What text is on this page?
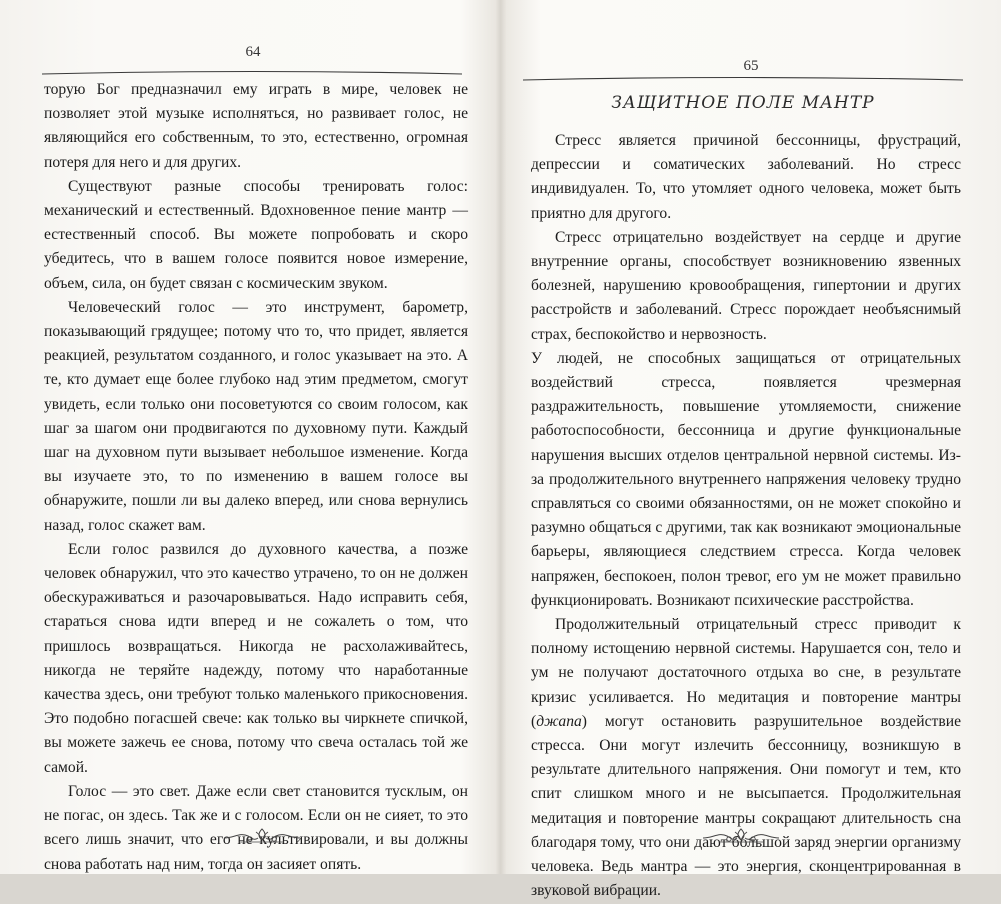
64

торую Бог предназначил ему играть в мире, человек не позволяет этой музыке исполняться, но развивает голос, не являющийся его собственным, то это, естественно, огромная потеря для него и для других.

Существуют разные способы тренировать голос: механический и естественный. Вдохновенное пение мантр — естественный способ. Вы можете попробовать и скоро убедитесь, что в вашем голосе появится новое измерение, объем, сила, он будет связан с космическим звуком.

Человеческий голос — это инструмент, барометр, показывающий грядущее; потому что то, что придет, является реакцией, результатом созданного, и голос указывает на это. А те, кто думает еще более глубоко над этим предметом, смогут увидеть, если только они посоветуются со своим голосом, как шаг за шагом они продвигаются по духовному пути. Каждый шаг на духовном пути вызывает небольшое изменение. Когда вы изучаете это, то по изменению в вашем голосе вы обнаружите, пошли ли вы далеко вперед, или снова вернулись назад, голос скажет вам.

Если голос развился до духовного качества, а позже человек обнаружил, что это качество утрачено, то он не должен обескураживаться и разочаровываться. Надо исправить себя, стараться снова идти вперед и не сожалеть о том, что пришлось возвращаться. Никогда не расхолаживайтесь, никогда не теряйте надежду, потому что наработанные качества здесь, они требуют только маленького прикосновения. Это подобно погасшей свече: как только вы чиркнете спичкой, вы можете зажечь ее снова, потому что свеча осталась той же самой.

Голос — это свет. Даже если свет становится тусклым, он не погас, он здесь. Так же и с голосом. Если он не сияет, то это всего лишь значит, что его не культивировали, и вы должны снова работать над ним, тогда он засияет опять.

65
ЗАЩИТНОЕ ПОЛЕ МАНТР

Стресс является причиной бессонницы, фрустраций, депрессии и соматических заболеваний. Но стресс индивидуален. То, что утомляет одного человека, может быть приятно для другого.

Стресс отрицательно воздействует на сердце и другие внутренние органы, способствует возникновению язвенных болезней, нарушению кровообращения, гипертонии и других расстройств и заболеваний. Стресс порождает необъяснимый страх, беспокойство и нервозность.

У людей, не способных защищаться от отрицательных воздействий стресса, появляется чрезмерная раздражительность, повышение утомляемости, снижение работоспособности, бессонница и другие функциональные нарушения высших отделов центральной нервной системы. Из-за продолжительного внутреннего напряжения человеку трудно справляться со своими обязанностями, он не может спокойно и разумно общаться с другими, так как возникают эмоциональные барьеры, являющиеся следствием стресса. Когда человек напряжен, беспокоен, полон тревог, его ум не может правильно функционировать. Возникают психические расстройства.

Продолжительный отрицательный стресс приводит к полному истощению нервной системы. Нарушается сон, тело и ум не получают достаточного отдыха во сне, в результате кризис усиливается. Но медитация и повторение мантры (джапа) могут остановить разрушительное воздействие стресса. Они могут излечить бессонницу, возникшую в результате длительного напряжения. Они помогут и тем, кто спит слишком много и не высыпается. Продолжительная медитация и повторение мантры сокращают длительность сна благодаря тому, что они дают большой заряд энергии организму человека. Ведь мантра — это энергия, сконцентрированная в звуковой вибрации.
